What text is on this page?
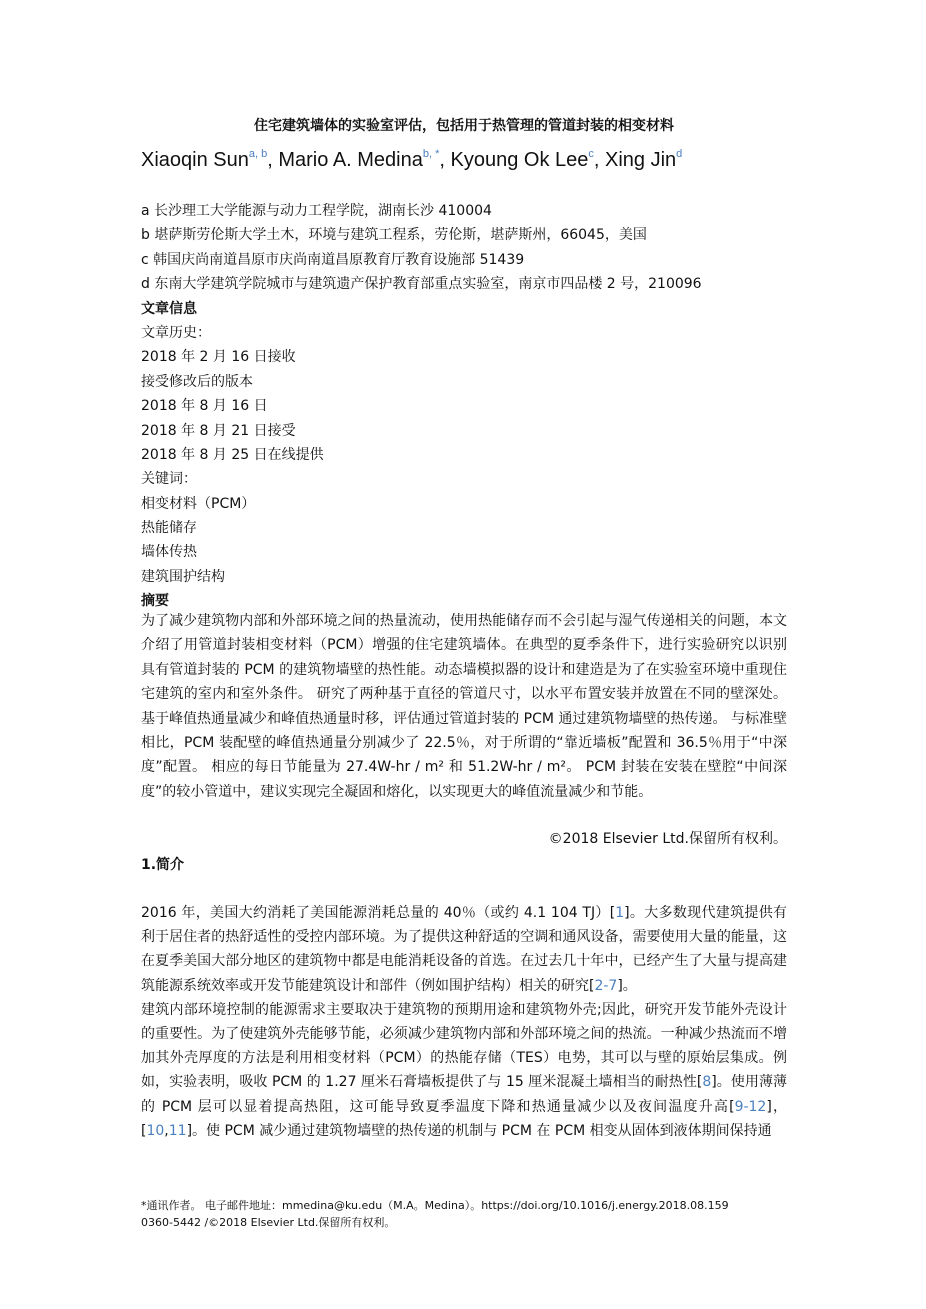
住宅建筑墙体的实验室评估，包括用于热管理的管道封装的相变材料
Xiaoqin Sun$^{a, b}$, Mario A. Medina$^{b, *}$, Kyoung Ok Lee$^c$, Xing Jin$^d$
a 长沙理工大学能源与动力工程学院，湖南长沙 410004
b 堪萨斯劳伦斯大学土木，环境与建筑工程系，劳伦斯，堪萨斯州，66045，美国
c 韩国庆尚南道昌原市庆尚南道昌原教育厅教育设施部 51439
d 东南大学建筑学院城市与建筑遗产保护教育部重点实验室，南京市四品楼 2 号，210096
文章信息
文章历史：
2018 年 2 月 16 日接收
接受修改后的版本
2018 年 8 月 16 日
2018 年 8 月 21 日接受
2018 年 8 月 25 日在线提供
关键词：
相变材料（PCM）
热能储存
墙体传热
建筑围护结构
摘要
为了减少建筑物内部和外部环境之间的热量流动，使用热能储存而不会引起与湿气传递相关的问题，本文介绍了用管道封装相变材料（PCM）增强的住宅建筑墙体。在典型的夏季条件下，进行实验研究以识别具有管道封装的 PCM 的建筑物墙壁的热性能。动态墙模拟器的设计和建造是为了在实验室环境中重现住宅建筑的室内和室外条件。 研究了两种基于直径的管道尺寸，以水平布置安装并放置在不同的壁深处。基于峰值热通量减少和峰值热通量时移，评估通过管道封装的 PCM 通过建筑物墙壁的热传递。 与标准壁相比，PCM 装配壁的峰值热通量分别减少了 22.5％，对于所谓的“靠近墙板”配置和 36.5％用于“中深度”配置。 相应的每日节能量为 27.4W-hr / m² 和 51.2W-hr / m²。 PCM 封装在安装在壁腔“中间深度”的较小管道中，建议实现完全凝固和熔化，以实现更大的峰值流量减少和节能。
©2018 Elsevier Ltd.保留所有权利。
1.简介

2016 年，美国大约消耗了美国能源消耗总量的 40％（或约 4.1 104 TJ）[1]。大多数现代建筑提供有利于居住者的热舒适性的受控内部环境。为了提供这种舒适的空调和通风设备，需要使用大量的能量，这在夏季美国大部分地区的建筑物中都是电能消耗设备的首选。在过去几十年中，已经产生了大量与提高建筑能源系统效率或开发节能建筑设计和部件（例如围护结构）相关的研究[2-7]。

建筑内部环境控制的能源需求主要取决于建筑物的预期用途和建筑物外壳;因此，研究开发节能外壳设计的重要性。为了使建筑外壳能够节能，必须减少建筑物内部和外部环境之间的热流。一种减少热流而不增加其外壳厚度的方法是利用相变材料（PCM）的热能存储（TES）电势，其可以与壁的原始层集成。例如，实验表明，吸收 PCM 的 1.27 厘米石膏墙板提供了与 15 厘米混凝土墙相当的耐热性[8]。使用薄薄的 PCM 层可以显着提高热阻，这可能导致夏季温度下降和热通量减少以及夜间温度升高[9-12]，[10,11]。使 PCM 减少通过建筑物墙壁的热传递的机制与 PCM 在 PCM 相变从固体到液体期间保持通

*通讯作者。 电子邮件地址：mmedina@ku.edu（M.A。Medina）。https://doi.org/10.1016/j.energy.2018.08.159
0360-5442 /©2018 Elsevier Ltd.保留所有权利。
